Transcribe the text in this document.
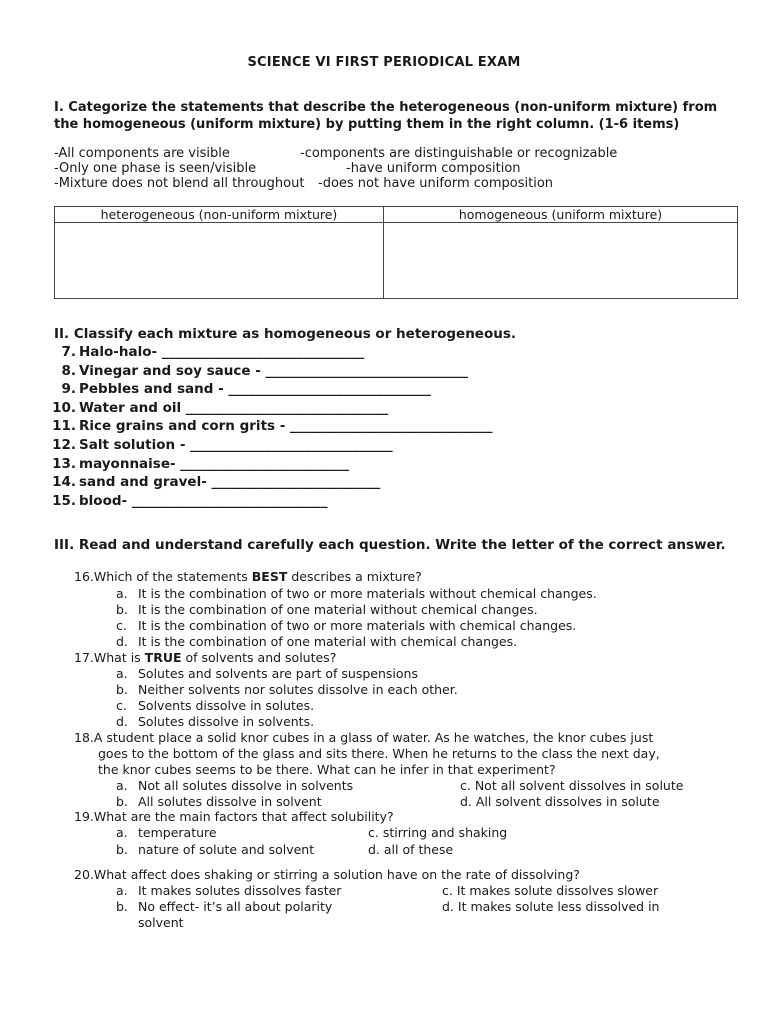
SCIENCE VI FIRST PERIODICAL EXAM
I. Categorize the statements that describe the heterogeneous (non-uniform mixture) from the homogeneous (uniform mixture) by putting them in the right column. (1-6 items)
-All components are visible
-Only one phase is seen/visible
-Mixture does not blend all throughout
-components are distinguishable or recognizable
-have uniform composition
-does not have uniform composition
heterogeneous (non-uniform mixture)	homogeneous (uniform mixture)

II. Classify each mixture as homogeneous or heterogeneous.
7. Halo-halo- ______________________________
8. Vinegar and soy sauce - ______________________________
9. Pebbles and sand - ______________________________
10. Water and oil ______________________________
11. Rice grains and corn grits - ______________________________
12. Salt solution - ______________________________
13. mayonnaise- _________________________
14. sand and gravel- _________________________
15. blood- _____________________________
III. Read and understand carefully each question. Write the letter of the correct answer.
16.Which of the statements BEST describes a mixture?
a. It is the combination of two or more materials without chemical changes.
b. It is the combination of one material without chemical changes.
c. It is the combination of two or more materials with chemical changes.
d. It is the combination of one material with chemical changes.
17.What is TRUE of solvents and solutes?
a. Solutes and solvents are part of suspensions
b. Neither solvents nor solutes dissolve in each other.
c. Solvents dissolve in solutes.
d. Solutes dissolve in solvents.
18.A student place a solid knor cubes in a glass of water. As he watches, the knor cubes just
goes to the bottom of the glass and sits there. When he returns to the class the next day,
the knor cubes seems to be there. What can he infer in that experiment?
a. Not all solutes dissolve in solvents	c. Not all solvent dissolves in solute
b. All solutes dissolve in solvent	d. All solvent dissolves in solute
19.What are the main factors that affect solubility?
a. temperature	c. stirring and shaking
b. nature of solute and solvent	d. all of these
20.What affect does shaking or stirring a solution have on the rate of dissolving?
a. It makes solutes dissolves faster	c. It makes solute dissolves slower
b. No effect- it’s all about polarity	d. It makes solute less dissolved in
solvent
